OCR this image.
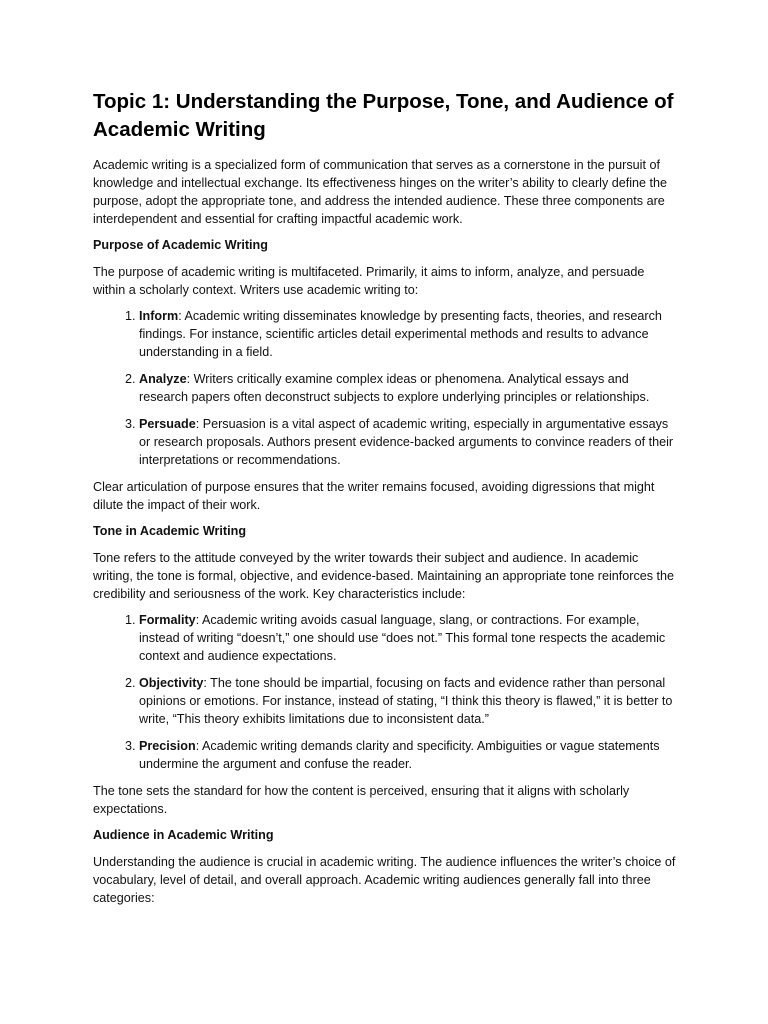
Topic 1: Understanding the Purpose, Tone, and Audience of Academic Writing

Academic writing is a specialized form of communication that serves as a cornerstone in the pursuit of knowledge and intellectual exchange. Its effectiveness hinges on the writer’s ability to clearly define the purpose, adopt the appropriate tone, and address the intended audience. These three components are interdependent and essential for crafting impactful academic work.

Purpose of Academic Writing

The purpose of academic writing is multifaceted. Primarily, it aims to inform, analyze, and persuade within a scholarly context. Writers use academic writing to:

1. Inform: Academic writing disseminates knowledge by presenting facts, theories, and research findings. For instance, scientific articles detail experimental methods and results to advance understanding in a field.
2. Analyze: Writers critically examine complex ideas or phenomena. Analytical essays and research papers often deconstruct subjects to explore underlying principles or relationships.
3. Persuade: Persuasion is a vital aspect of academic writing, especially in argumentative essays or research proposals. Authors present evidence-backed arguments to convince readers of their interpretations or recommendations.

Clear articulation of purpose ensures that the writer remains focused, avoiding digressions that might dilute the impact of their work.

Tone in Academic Writing

Tone refers to the attitude conveyed by the writer towards their subject and audience. In academic writing, the tone is formal, objective, and evidence-based. Maintaining an appropriate tone reinforces the credibility and seriousness of the work. Key characteristics include:

1. Formality: Academic writing avoids casual language, slang, or contractions. For example, instead of writing “doesn’t,” one should use “does not.” This formal tone respects the academic context and audience expectations.
2. Objectivity: The tone should be impartial, focusing on facts and evidence rather than personal opinions or emotions. For instance, instead of stating, “I think this theory is flawed,” it is better to write, “This theory exhibits limitations due to inconsistent data.”
3. Precision: Academic writing demands clarity and specificity. Ambiguities or vague statements undermine the argument and confuse the reader.

The tone sets the standard for how the content is perceived, ensuring that it aligns with scholarly expectations.

Audience in Academic Writing

Understanding the audience is crucial in academic writing. The audience influences the writer’s choice of vocabulary, level of detail, and overall approach. Academic writing audiences generally fall into three categories:
